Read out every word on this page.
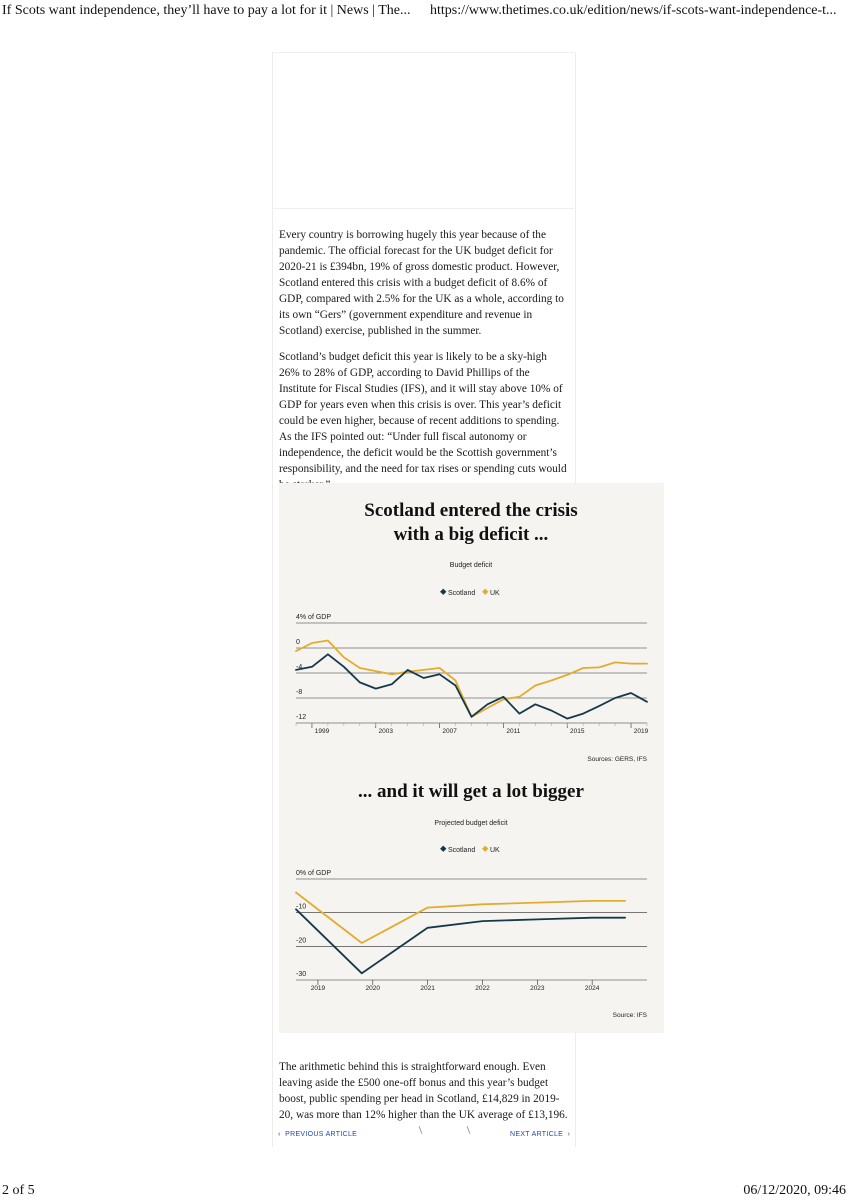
If Scots want independence, they’ll have to pay a lot for it | News | The... https://www.thetimes.co.uk/edition/news/if-scots-want-independence-t...

Every country is borrowing hugely this year because of the pandemic. The official forecast for the UK budget deficit for 2020-21 is £394bn, 19% of gross domestic product. However, Scotland entered this crisis with a budget deficit of 8.6% of GDP, compared with 2.5% for the UK as a whole, according to its own “Gers” (government expenditure and revenue in Scotland) exercise, published in the summer.

Scotland’s budget deficit this year is likely to be a sky-high 26% to 28% of GDP, according to David Phillips of the Institute for Fiscal Studies (IFS), and it will stay above 10% of GDP for years even when this crisis is over. This year’s deficit could be even higher, because of recent additions to spending. As the IFS pointed out: “Under full fiscal autonomy or independence, the deficit would be the Scottish government’s responsibility, and the need for tax rises or spending cuts would

Scotland entered the crisis
with a big deficit ...
Budget deficit
Scotland UK
4% of GDP
0
-4
-8
-12
1999	2003	2007	2011	2015	2019
Sources: GERS, IFS
... and it will get a lot bigger
Projected budget deficit
Scotland UK
0% of GDP
-10
-20
-30
2019	2020	2021	2022	2023	2024
Source: IFS

The arithmetic behind this is straightforward enough. Even leaving aside the £500 one-off bonus and this year’s budget boost, public spending per head in Scotland, £14,829 in 2019-20, was more than 12% higher than the UK average of £13,196.

‹ PREVIOUS ARTICLE	NEXT ARTICLE ›
2 of 5	06/12/2020, 09:46
